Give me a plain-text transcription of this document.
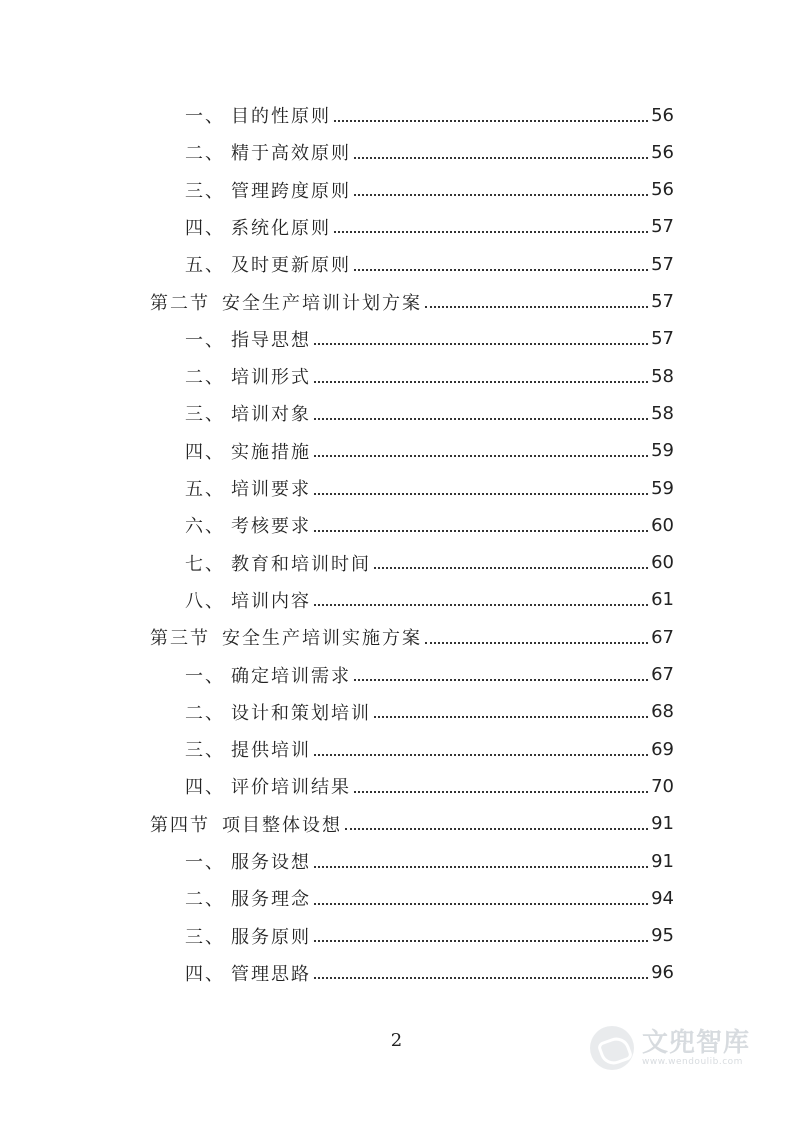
一、 目的性原则	56
二、 精于高效原则	56
三、 管理跨度原则	56
四、 系统化原则	57
五、 及时更新原则	57
第二节 安全生产培训计划方案	57
一、 指导思想	57
二、 培训形式	58
三、 培训对象	58
四、 实施措施	59
五、 培训要求	59
六、 考核要求	60
七、 教育和培训时间	60
八、 培训内容	61
第三节 安全生产培训实施方案	67
一、 确定培训需求	67
二、 设计和策划培训	68
三、 提供培训	69
四、 评价培训结果	70
第四节 项目整体设想	91
一、 服务设想	91
二、 服务理念	94
三、 服务原则	95
四、 管理思路	96
2	文兜智库
www.wendoulib.com
